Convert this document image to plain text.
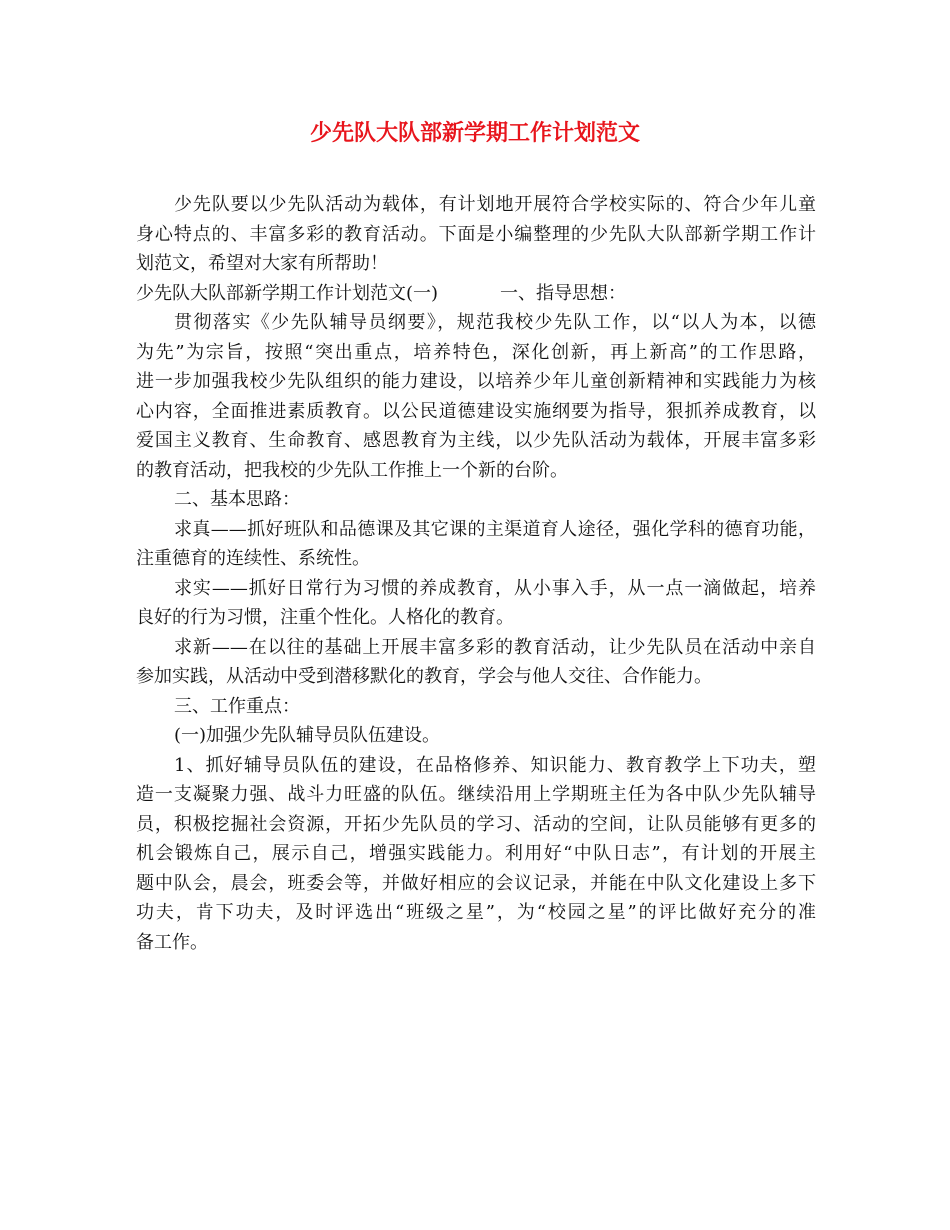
少先队大队部新学期工作计划范文
少先队要以少先队活动为载体，有计划地开展符合学校实际的、符合少年儿童
身心特点的、丰富多彩的教育活动。下面是小编整理的少先队大队部新学期工作计
划范文，希望对大家有所帮助！
少先队大队部新学期工作计划范文(一)	一、指导思想：
贯彻落实《少先队辅导员纲要》，规范我校少先队工作，以“以人为本，以德
为先”为宗旨，按照“突出重点，培养特色，深化创新，再上新高”的工作思路，
进一步加强我校少先队组织的能力建设，以培养少年儿童创新精神和实践能力为核
心内容，全面推进素质教育。以公民道德建设实施纲要为指导，狠抓养成教育，以
爱国主义教育、生命教育、感恩教育为主线，以少先队活动为载体，开展丰富多彩
的教育活动，把我校的少先队工作推上一个新的台阶。
二、基本思路：
求真——抓好班队和品德课及其它课的主渠道育人途径，强化学科的德育功能，
注重德育的连续性、系统性。
求实——抓好日常行为习惯的养成教育，从小事入手，从一点一滴做起，培养
良好的行为习惯，注重个性化。人格化的教育。
求新——在以往的基础上开展丰富多彩的教育活动，让少先队员在活动中亲自
参加实践，从活动中受到潜移默化的教育，学会与他人交往、合作能力。
三、工作重点：
(一)加强少先队辅导员队伍建设。
1、抓好辅导员队伍的建设，在品格修养、知识能力、教育教学上下功夫，塑
造一支凝聚力强、战斗力旺盛的队伍。继续沿用上学期班主任为各中队少先队辅导
员，积极挖掘社会资源，开拓少先队员的学习、活动的空间，让队员能够有更多的
机会锻炼自己，展示自己，增强实践能力。利用好“中队日志”，有计划的开展主
题中队会，晨会，班委会等，并做好相应的会议记录，并能在中队文化建设上多下
功夫，肯下功夫，及时评选出“班级之星”，为“校园之星”的评比做好充分的准
备工作。
